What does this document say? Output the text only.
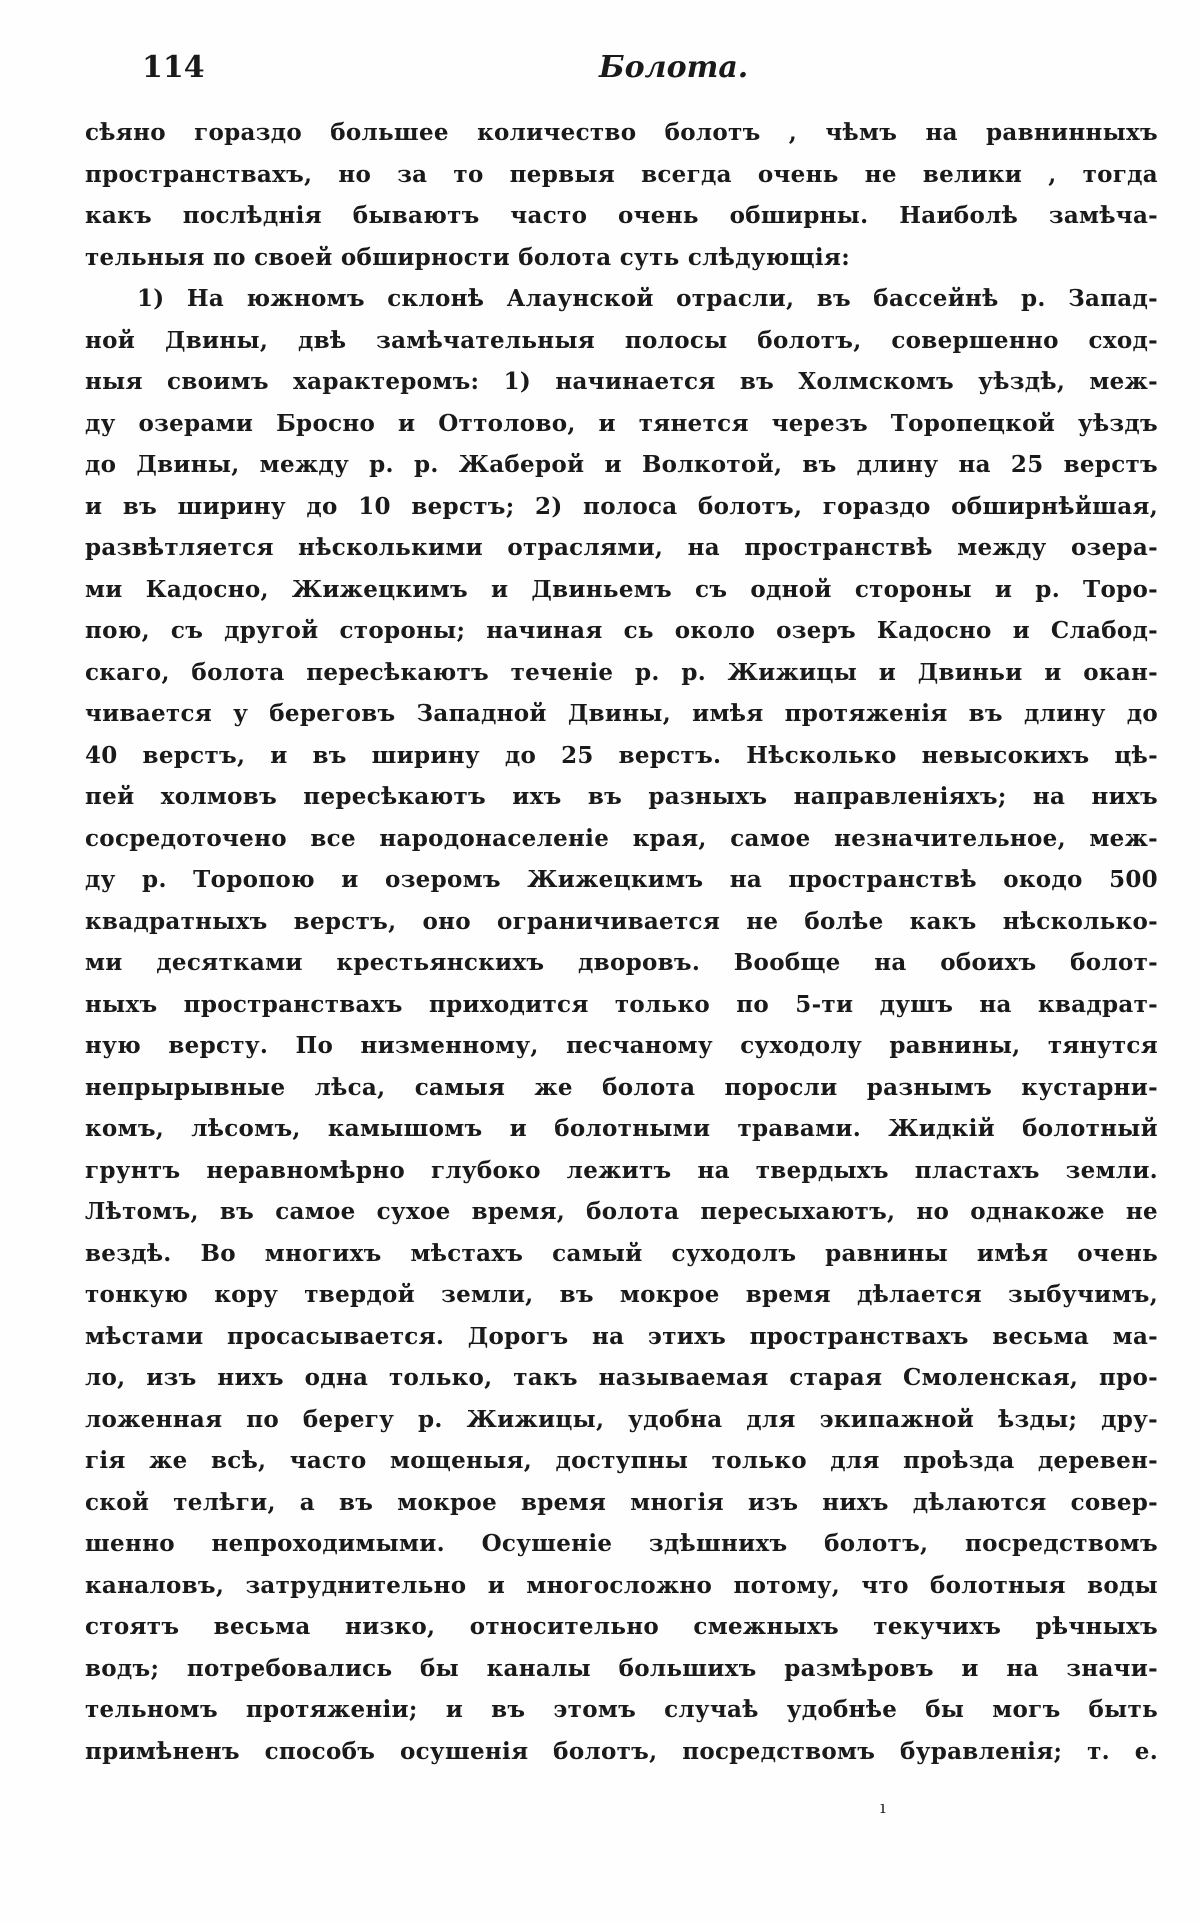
114	Болота.
сѣяно гораздо большее количество болотъ , чѣмъ на равнинныхъ
пространствахъ, но за то первыя всегда очень не велики , тогда
какъ послѣднія бываютъ часто очень обширны. Наиболѣ замѣча-
тельныя по своей обширности болота суть слѣдующія:
1) На южномъ склонѣ Алаунской отрасли, въ бассейнѣ р. Запад-
ной Двины, двѣ замѣчательныя полосы болотъ, совершенно сход-
ныя своимъ характеромъ: 1) начинается въ Холмскомъ уѣздѣ, меж-
ду озерами Бросно и Оттолово, и тянется черезъ Торопецкой уѣздъ
до Двины, между р. р. Жаберой и Волкотой, въ длину на 25 верстъ
и въ ширину до 10 верстъ; 2) полоса болотъ, гораздо обширнѣйшая,
развѣтляется нѣсколькими отраслями, на пространствѣ между озера-
ми Кадосно, Жижецкимъ и Двиньемъ съ одной стороны и р. Торо-
пою, съ другой стороны; начиная сь около озеръ Кадосно и Слабод-
скаго, болота пересѣкаютъ теченіе р. р. Жижицы и Двиньи и окан-
чивается у береговъ Западной Двины, имѣя протяженія въ длину до
40 верстъ, и въ ширину до 25 верстъ. Нѣсколько невысокихъ цѣ-
пей холмовъ пересѣкаютъ ихъ въ разныхъ направленіяхъ; на нихъ
сосредоточено все народонаселеніе края, самое незначительное, меж-
ду р. Торопою и озеромъ Жижецкимъ на пространствѣ окодо 500
квадратныхъ верстъ, оно ограничивается не болѣе какъ нѣсколько-
ми десятками крестьянскихъ дворовъ. Вообще на обоихъ болот-
ныхъ пространствахъ приходится только по 5-ти душъ на квадрат-
ную версту. По низменному, песчаному суходолу равнины, тянутся
непрырывные лѣса, самыя же болота поросли разнымъ кустарни-
комъ, лѣсомъ, камышомъ и болотными травами. Жидкій болотный
грунтъ неравномѣрно глубоко лежитъ на твердыхъ пластахъ земли.
Лѣтомъ, въ самое сухое время, болота пересыхаютъ, но однакоже не
вездѣ. Во многихъ мѣстахъ самый суходолъ равнины имѣя очень
тонкую кору твердой земли, въ мокрое время дѣлается зыбучимъ,
мѣстами просасывается. Дорогъ на этихъ пространствахъ весьма ма-
ло, изъ нихъ одна только, такъ называемая старая Смоленская, про-
ложенная по берегу р. Жижицы, удобна для экипажной ѣзды; дру-
гія же всѣ, часто мощеныя, доступны только для проѣзда деревен-
ской телѣги, а въ мокрое время многія изъ нихъ дѣлаются совер-
шенно непроходимыми. Осушеніе здѣшнихъ болотъ, посредствомъ
каналовъ, затруднительно и многосложно потому, что болотныя воды
стоятъ весьма низко, относительно смежныхъ текучихъ рѣчныхъ
водъ; потребовались бы каналы большихъ размѣровъ и на значи-
тельномъ протяженіи; и въ этомъ случаѣ удобнѣе бы могъ быть
примѣненъ способъ осушенія болотъ, посредствомъ буравленія; т. е.
ı
